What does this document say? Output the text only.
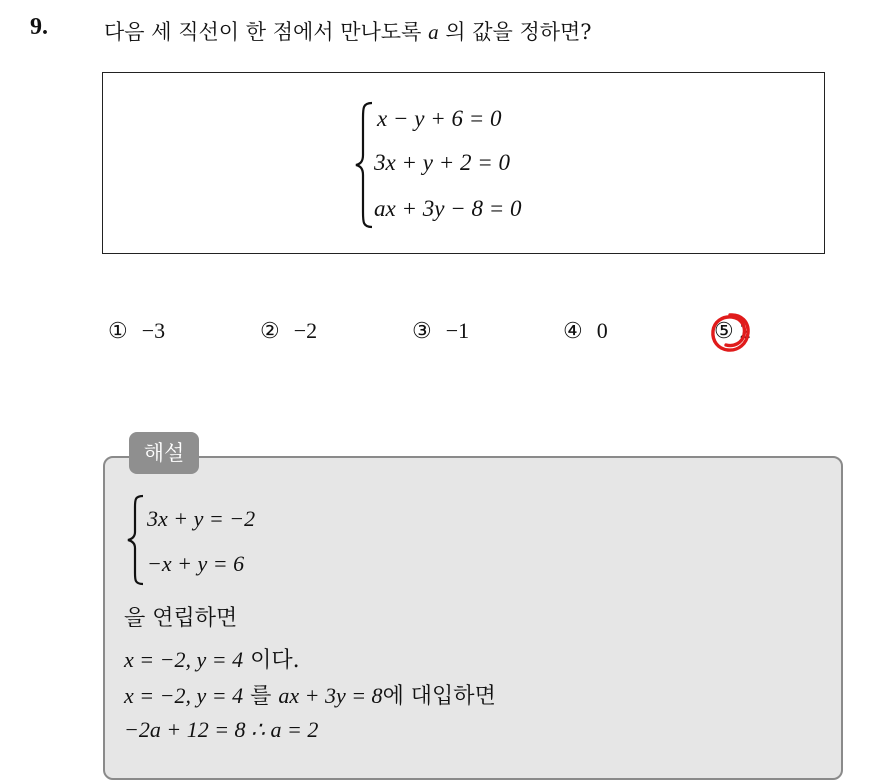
9.	다음 세 직선이 한 점에서 만나도록 a 의 값을 정하면?
x − y + 6 = 0
3x + y + 2 = 0
ax + 3y − 8 = 0
① −3	② −2	③ −1	④ 0	⑤ 2
해설
3x + y = −2
−x + y = 6
을 연립하면
x = −2, y = 4 이다.
x = −2, y = 4 를 ax + 3y = 8에 대입하면
−2a + 12 = 8 ∴ a = 2
